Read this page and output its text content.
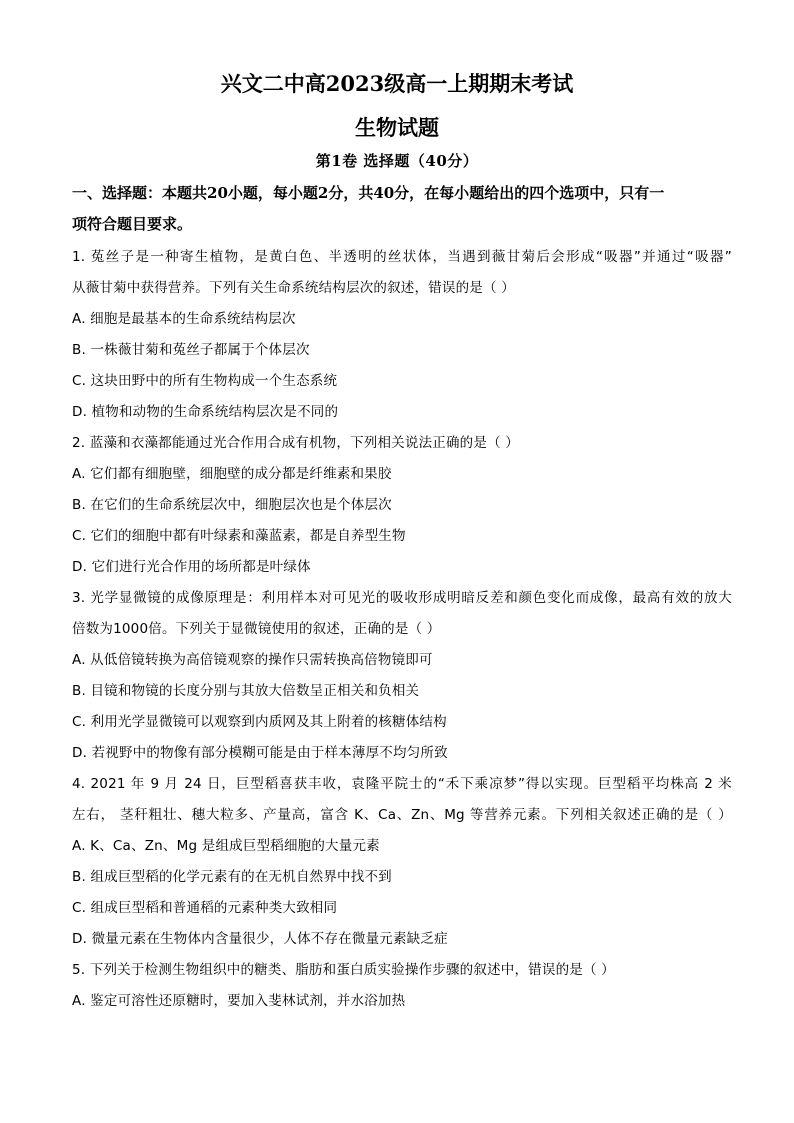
兴文二中高2023级高一上期期末考试
生物试题
第1卷 选择题（40分）
一、选择题：本题共20小题，每小题2分，共40分，在每小题给出的四个选项中，只有一
项符合题目要求。
1. 菟丝子是一种寄生植物，是黄白色、半透明的丝状体，当遇到薇甘菊后会形成“吸器”并通过“吸器”
从薇甘菊中获得营养。下列有关生命系统结构层次的叙述，错误的是（ ）
A. 细胞是最基本的生命系统结构层次
B. 一株薇甘菊和菟丝子都属于个体层次
C. 这块田野中的所有生物构成一个生态系统
D. 植物和动物的生命系统结构层次是不同的
2. 蓝藻和衣藻都能通过光合作用合成有机物，下列相关说法正确的是（ ）
A. 它们都有细胞壁，细胞壁的成分都是纤维素和果胶
B. 在它们的生命系统层次中，细胞层次也是个体层次
C. 它们的细胞中都有叶绿素和藻蓝素，都是自养型生物
D. 它们进行光合作用的场所都是叶绿体
3. 光学显微镜的成像原理是：利用样本对可见光的吸收形成明暗反差和颜色变化而成像，最高有效的放大
倍数为1000倍。下列关于显微镜使用的叙述，正确的是（ ）
A. 从低倍镜转换为高倍镜观察的操作只需转换高倍物镜即可
B. 目镜和物镜的长度分别与其放大倍数呈正相关和负相关
C. 利用光学显微镜可以观察到内质网及其上附着的核糖体结构
D. 若视野中的物像有部分模糊可能是由于样本薄厚不均匀所致
4. 2021 年 9 月 24 日，巨型稻喜获丰收，袁隆平院士的“禾下乘凉梦”得以实现。巨型稻平均株高 2 米
左右， 茎秆粗壮、穗大粒多、产量高，富含 K、Ca、Zn、Mg 等营养元素。下列相关叙述正确的是（ ）
A. K、Ca、Zn、Mg 是组成巨型稻细胞的大量元素
B. 组成巨型稻的化学元素有的在无机自然界中找不到
C. 组成巨型稻和普通稻的元素种类大致相同
D. 微量元素在生物体内含量很少，人体不存在微量元素缺乏症
5. 下列关于检测生物组织中的糖类、脂肪和蛋白质实验操作步骤的叙述中，错误的是（ ）
A. 鉴定可溶性还原糖时，要加入斐林试剂，并水浴加热
